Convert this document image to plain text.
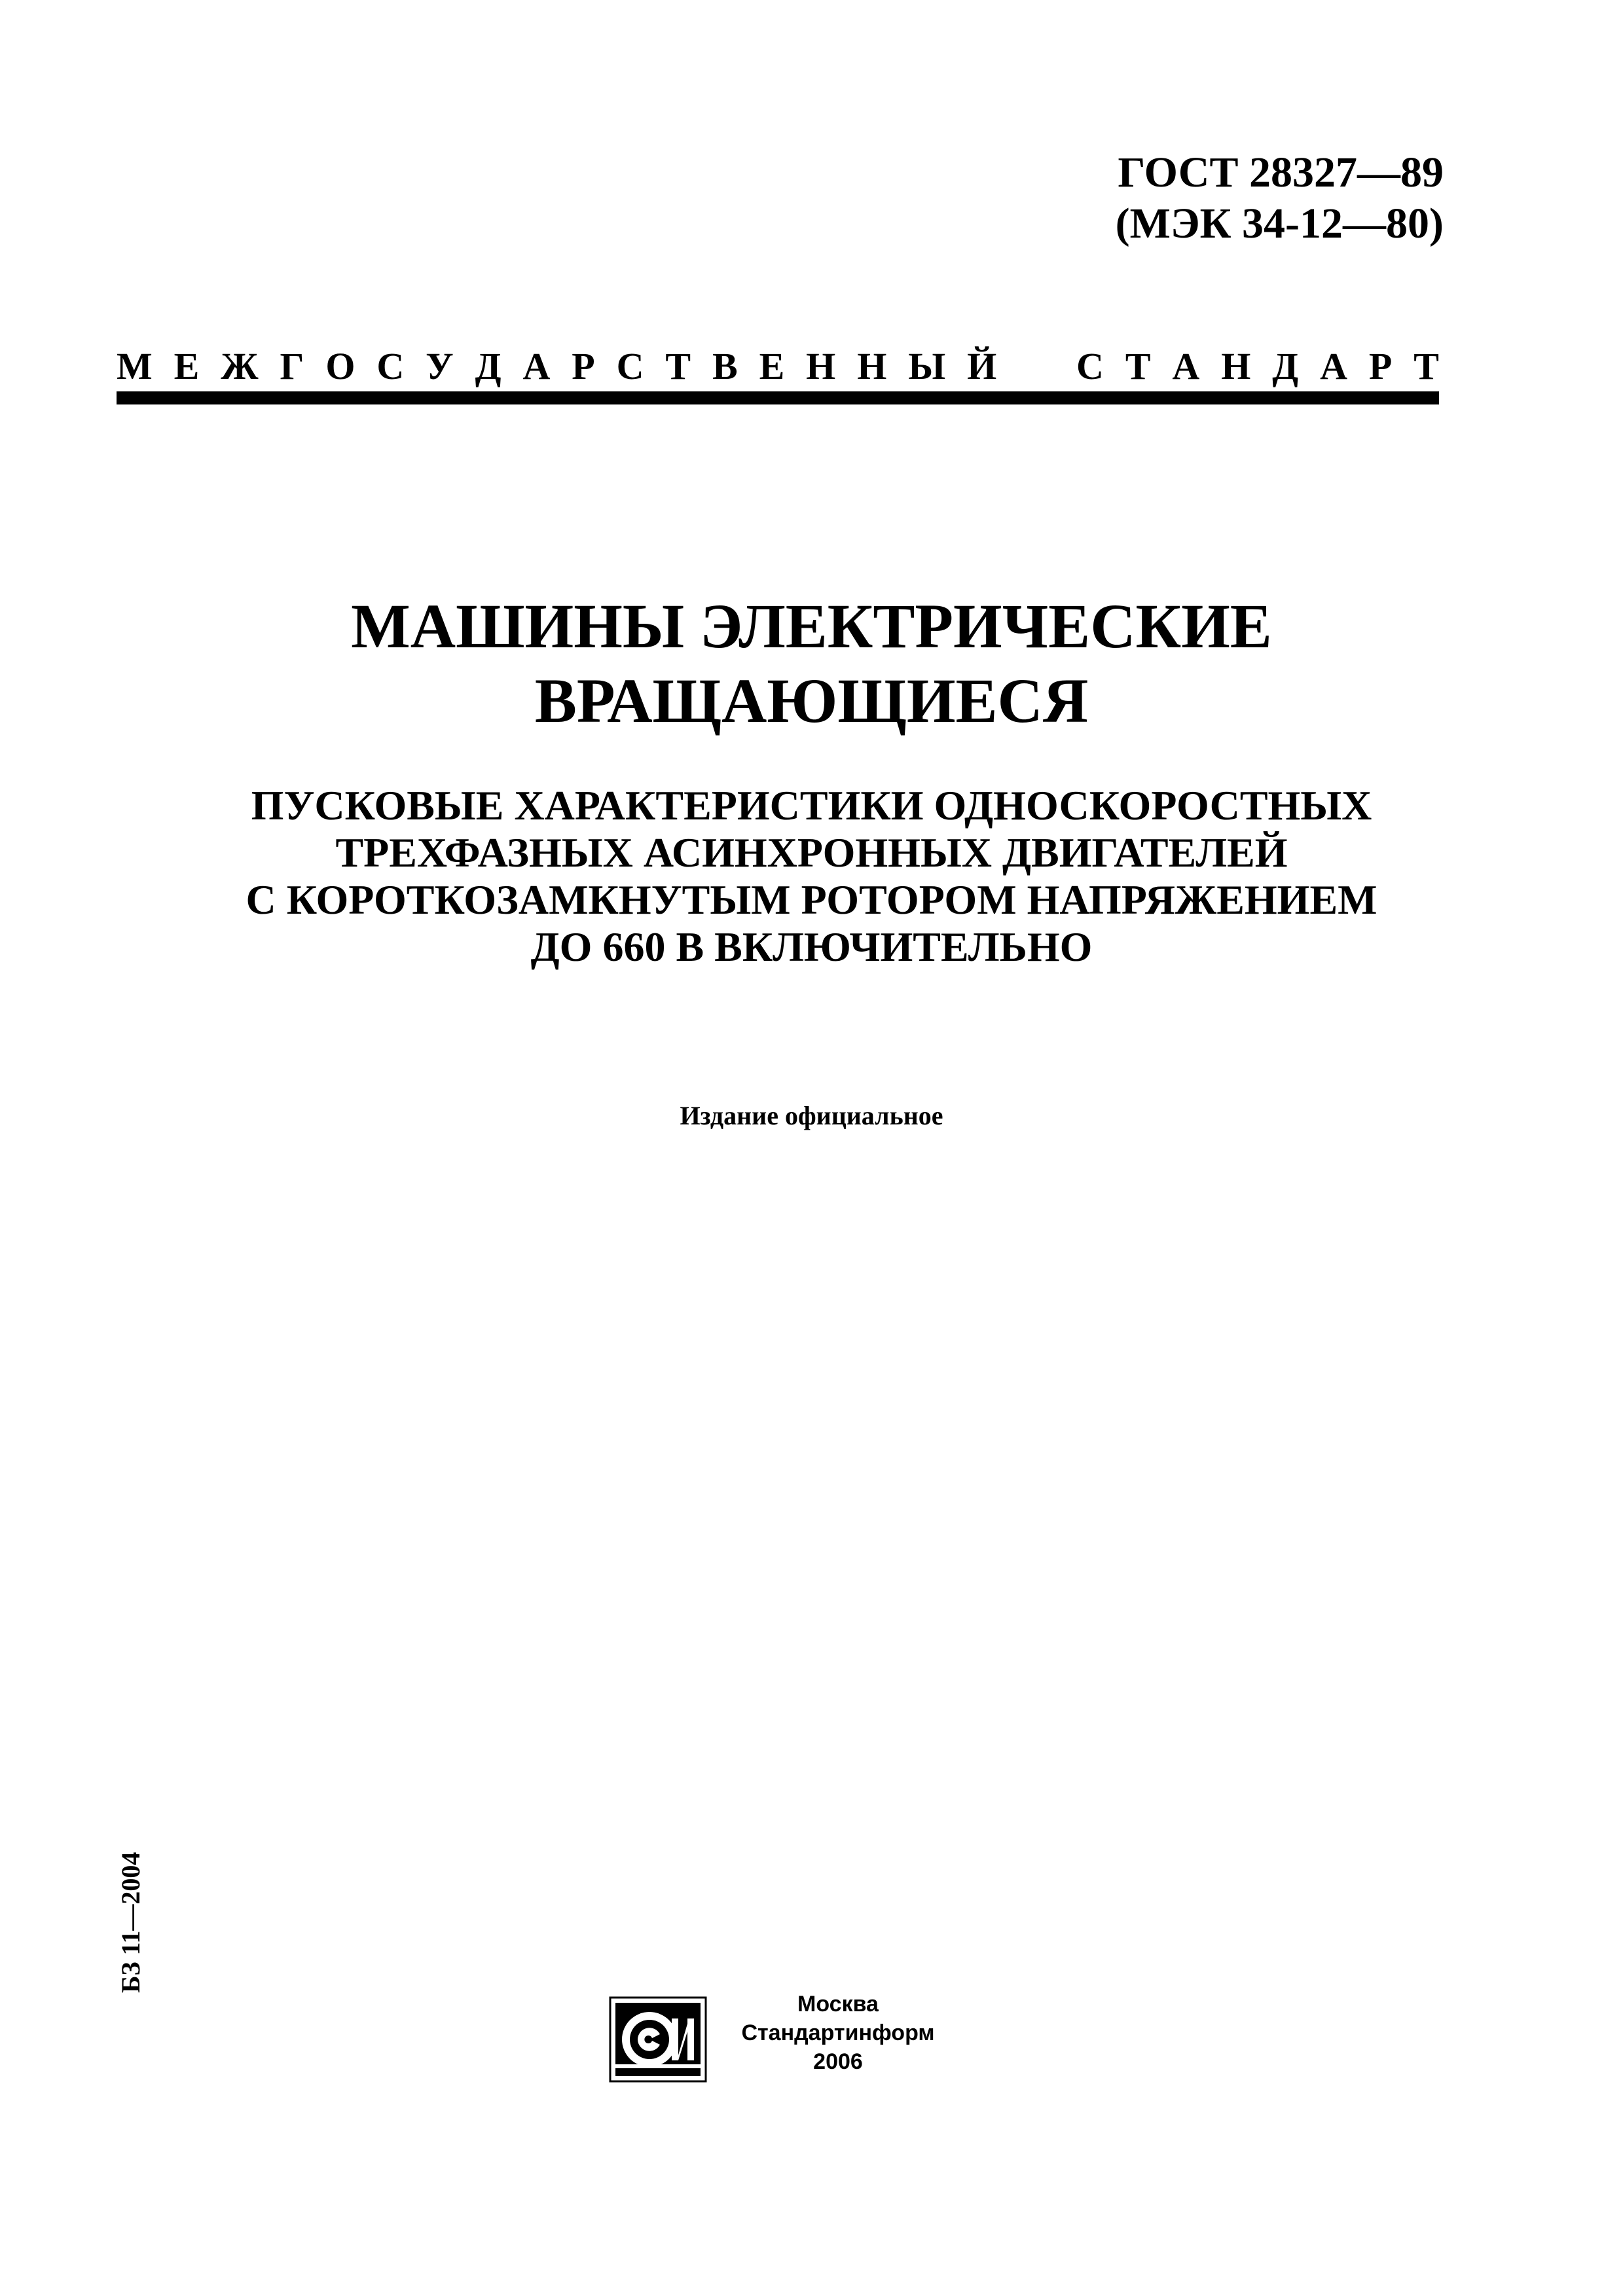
ГОСТ 28327—89
(МЭК 34-12—80)
М Е Ж Г О С У Д А Р С Т В Е Н Н Ы Й С Т А Н Д А Р Т
МАШИНЫ ЭЛЕКТРИЧЕСКИЕ
ВРАЩАЮЩИЕСЯ
ПУСКОВЫЕ ХАРАКТЕРИСТИКИ ОДНОСКОРОСТНЫХ
ТРЕХФАЗНЫХ АСИНХРОННЫХ ДВИГАТЕЛЕЙ
С КОРОТКОЗАМКНУТЫМ РОТОРОМ НАПРЯЖЕНИЕМ
ДО 660 В ВКЛЮЧИТЕЛЬНО
Издание официальное
БЗ 11—2004
Москва
Стандартинформ
2006
